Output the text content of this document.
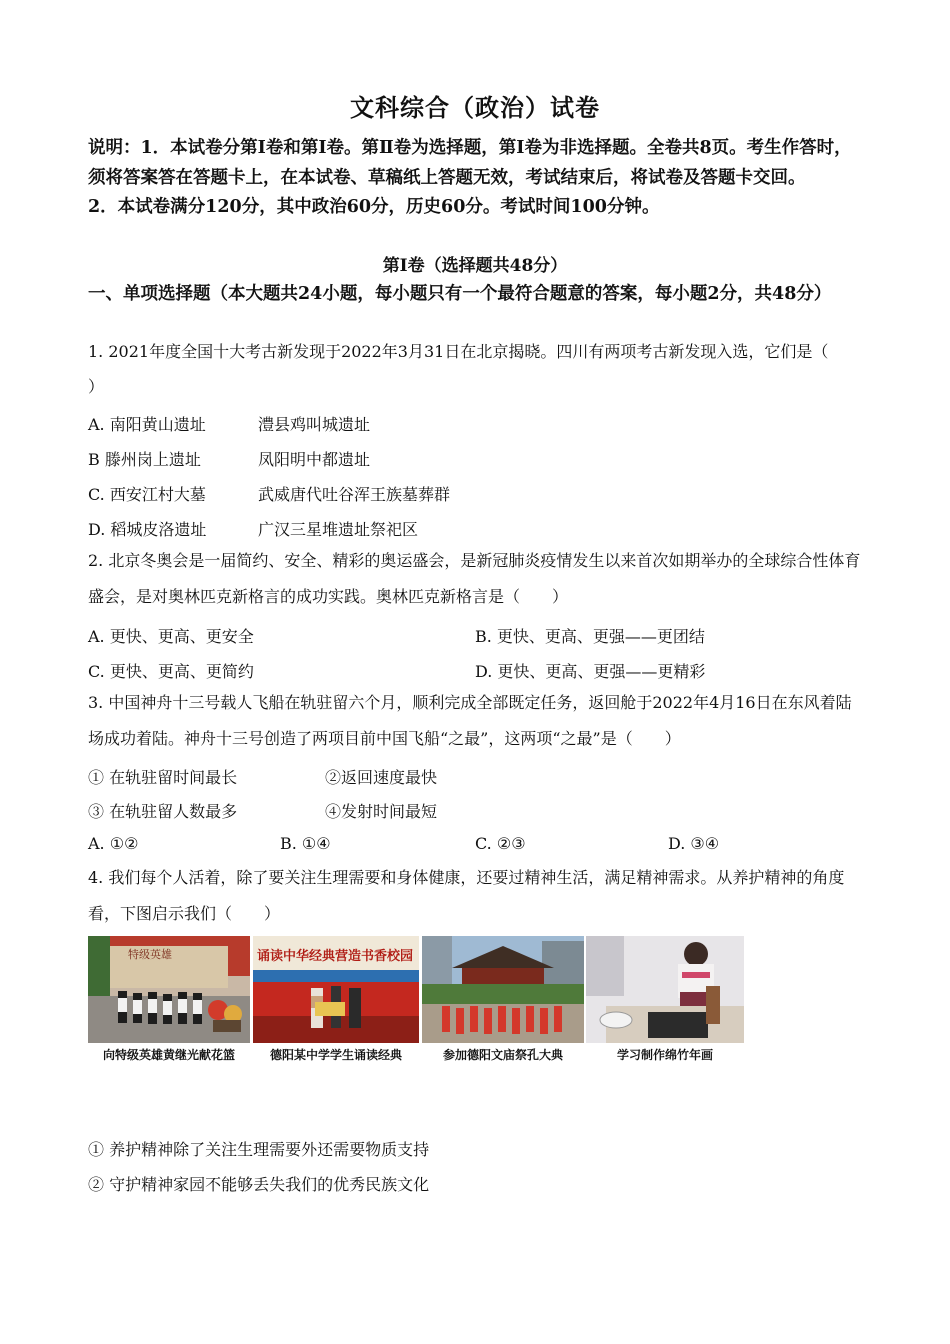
文科综合（政治）试卷
说明：1．本试卷分第Ⅰ卷和第Ⅰ卷。第Ⅱ卷为选择题，第Ⅰ卷为非选择题。全卷共8页。考生作答时，须将答案答在答题卡上，在本试卷、草稿纸上答题无效，考试结束后，将试卷及答题卡交回。
2．本试卷满分120分，其中政治60分，历史60分。考试时间100分钟。
第Ⅰ卷（选择题共48分）
一、单项选择题（本大题共24小题，每小题只有一个最符合题意的答案，每小题2分，共48分）
1. 2021年度全国十大考古新发现于2022年3月31日在北京揭晓。四川有两项考古新发现入选，它们是（
）
A. 南阳黄山遗址	澧县鸡叫城遗址
B 滕州岗上遗址	凤阳明中都遗址
C. 西安江村大墓	武威唐代吐谷浑王族墓葬群
D. 稻城皮洛遗址	广汉三星堆遗址祭祀区
2. 北京冬奥会是一届简约、安全、精彩的奥运盛会，是新冠肺炎疫情发生以来首次如期举办的全球综合性体育盛会，是对奥林匹克新格言的成功实践。奥林匹克新格言是（　　）
A. 更快、更高、更安全	B. 更快、更高、更强——更团结
C. 更快、更高、更简约	D. 更快、更高、更强——更精彩
3. 中国神舟十三号载人飞船在轨驻留六个月，顺利完成全部既定任务，返回舱于2022年4月16日在东风着陆场成功着陆。神舟十三号创造了两项目前中国飞船“之最”，这两项“之最”是（　　）
① 在轨驻留时间最长	②返回速度最快
③ 在轨驻留人数最多	④发射时间最短
A. ①②	B. ①④	C. ②③	D. ③④
4. 我们每个人活着，除了要关注生理需要和身体健康，还要过精神生活，满足精神需求。从养护精神的角度看，下图启示我们（　　）
特级英雄	诵读中华经典营造书香校园
向特级英雄黄继光献花篮	德阳某中学学生诵读经典	参加德阳文庙祭孔大典	学习制作绵竹年画
① 养护精神除了关注生理需要外还需要物质支持
② 守护精神家园不能够丢失我们的优秀民族文化
